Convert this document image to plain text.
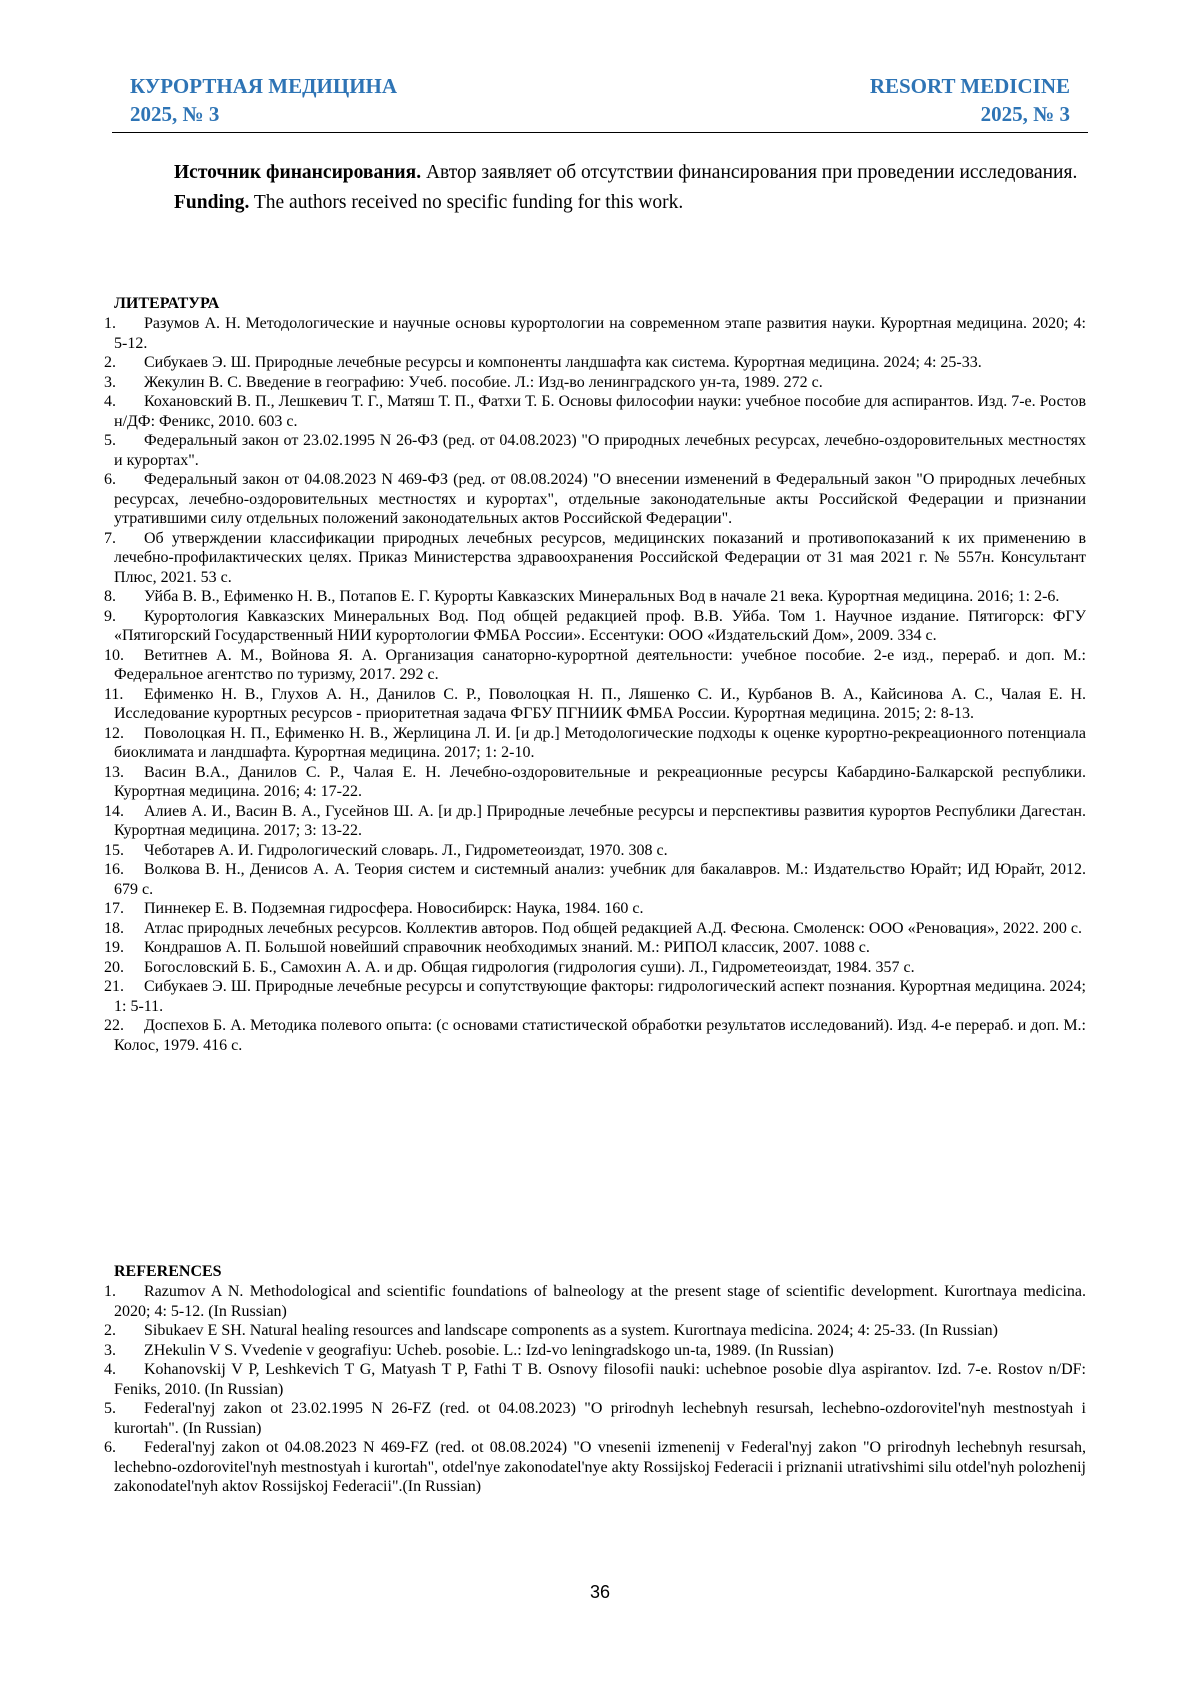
КУРОРТНАЯ МЕДИЦИНА
2025, № 3
RESORT MEDICINE
2025, № 3

Источник финансирования. Автор заявляет об отсутствии финансирования при проведении исследования.

Funding. The authors received no specific funding for this work.

ЛИТЕРАТУРА
1. Разумов А. Н. Методологические и научные основы курортологии на современном этапе развития науки. Курортная медицина. 2020; 4: 5-12.
2. Сибукаев Э. Ш. Природные лечебные ресурсы и компоненты ландшафта как система. Курортная медицина. 2024; 4: 25-33.
3. Жекулин В. С. Введение в географию: Учеб. пособие. Л.: Изд-во ленинградского ун-та, 1989. 272 с.
4. Кохановский В. П., Лешкевич Т. Г., Матяш Т. П., Фатхи Т. Б. Основы философии науки: учебное пособие для аспирантов. Изд. 7-е. Ростов н/ДФ: Феникс, 2010. 603 с.
5. Федеральный закон от 23.02.1995 N 26-ФЗ (ред. от 04.08.2023) "О природных лечебных ресурсах, лечебно-оздоровительных местностях и курортах".
6. Федеральный закон от 04.08.2023 N 469-ФЗ (ред. от 08.08.2024) "О внесении изменений в Федеральный закон "О природных лечебных ресурсах, лечебно-оздоровительных местностях и курортах", отдельные законодательные акты Российской Федерации и признании утратившими силу отдельных положений законодательных актов Российской Федерации".
7. Об утверждении классификации природных лечебных ресурсов, медицинских показаний и противопоказаний к их применению в лечебно-профилактических целях. Приказ Министерства здравоохранения Российской Федерации от 31 мая 2021 г. № 557н. Консультант Плюс, 2021. 53 с.
8. Уйба В. В., Ефименко Н. В., Потапов Е. Г. Курорты Кавказских Минеральных Вод в начале 21 века. Курортная медицина. 2016; 1: 2-6.
9. Курортология Кавказских Минеральных Вод. Под общей редакцией проф. В.В. Уйба. Том 1. Научное издание. Пятигорск: ФГУ «Пятигорский Государственный НИИ курортологии ФМБА России». Ессентуки: ООО «Издательский Дом», 2009. 334 с.
10. Ветитнев А. М., Войнова Я. А. Организация санаторно-курортной деятельности: учебное пособие. 2-е изд., перераб. и доп. М.: Федеральное агентство по туризму, 2017. 292 с.
11. Ефименко Н. В., Глухов А. Н., Данилов С. Р., Поволоцкая Н. П., Ляшенко С. И., Курбанов В. А., Кайсинова А. С., Чалая Е. Н. Исследование курортных ресурсов - приоритетная задача ФГБУ ПГНИИК ФМБА России. Курортная медицина. 2015; 2: 8-13.
12. Поволоцкая Н. П., Ефименко Н. В., Жерлицина Л. И. [и др.] Методологические подходы к оценке курортно-рекреационного потенциала биоклимата и ландшафта. Курортная медицина. 2017; 1: 2-10.
13. Васин В.А., Данилов С. Р., Чалая Е. Н. Лечебно-оздоровительные и рекреационные ресурсы Кабардино-Балкарской республики. Курортная медицина. 2016; 4: 17-22.
14. Алиев А. И., Васин В. А., Гусейнов Ш. А. [и др.] Природные лечебные ресурсы и перспективы развития курортов Республики Дагестан. Курортная медицина. 2017; 3: 13-22.
15. Чеботарев А. И. Гидрологический словарь. Л., Гидрометеоиздат, 1970. 308 с.
16. Волкова В. Н., Денисов А. А. Теория систем и системный анализ: учебник для бакалавров. М.: Издательство Юрайт; ИД Юрайт, 2012. 679 с.
17. Пиннекер Е. В. Подземная гидросфера. Новосибирск: Наука, 1984. 160 с.
18. Атлас природных лечебных ресурсов. Коллектив авторов. Под общей редакцией А.Д. Фесюна. Смоленск: ООО «Реновация», 2022. 200 с.
19. Кондрашов А. П. Большой новейший справочник необходимых знаний. М.: РИПОЛ классик, 2007. 1088 с.
20. Богословский Б. Б., Самохин А. А. и др. Общая гидрология (гидрология суши). Л., Гидрометеоиздат, 1984. 357 с.
21. Сибукаев Э. Ш. Природные лечебные ресурсы и сопутствующие факторы: гидрологический аспект познания. Курортная медицина. 2024; 1: 5-11.
22. Доспехов Б. А. Методика полевого опыта: (с основами статистической обработки результатов исследований). Изд. 4-е перераб. и доп. М.: Колос, 1979. 416 с.
REFERENCES
1. Razumov A N. Methodological and scientific foundations of balneology at the present stage of scientific development. Kurortnaya medicina. 2020; 4: 5-12. (In Russian)
2. Sibukaev E SH. Natural healing resources and landscape components as a system. Kurortnaya medicina. 2024; 4: 25-33. (In Russian)
3. ZHekulin V S. Vvedenie v geografiyu: Ucheb. posobie. L.: Izd-vo leningradskogo un-ta, 1989. (In Russian)
4. Kohanovskij V P, Leshkevich T G, Matyash T P, Fathi T B. Osnovy filosofii nauki: uchebnoe posobie dlya aspirantov. Izd. 7-e. Rostov n/DF: Feniks, 2010. (In Russian)
5. Federal'nyj zakon ot 23.02.1995 N 26-FZ (red. ot 04.08.2023) "O prirodnyh lechebnyh resursah, lechebno-ozdorovitel'nyh mestnostyah i kurortah". (In Russian)
6. Federal'nyj zakon ot 04.08.2023 N 469-FZ (red. ot 08.08.2024) "O vnesenii izmenenij v Federal'nyj zakon "O prirodnyh lechebnyh resursah, lechebno-ozdorovitel'nyh mestnostyah i kurortah", otdel'nye zakonodatel'nye akty Rossijskoj Federacii i priznanii utrativshimi silu otdel'nyh polozhenij zakonodatel'nyh aktov Rossijskoj Federacii".(In Russian)
36
